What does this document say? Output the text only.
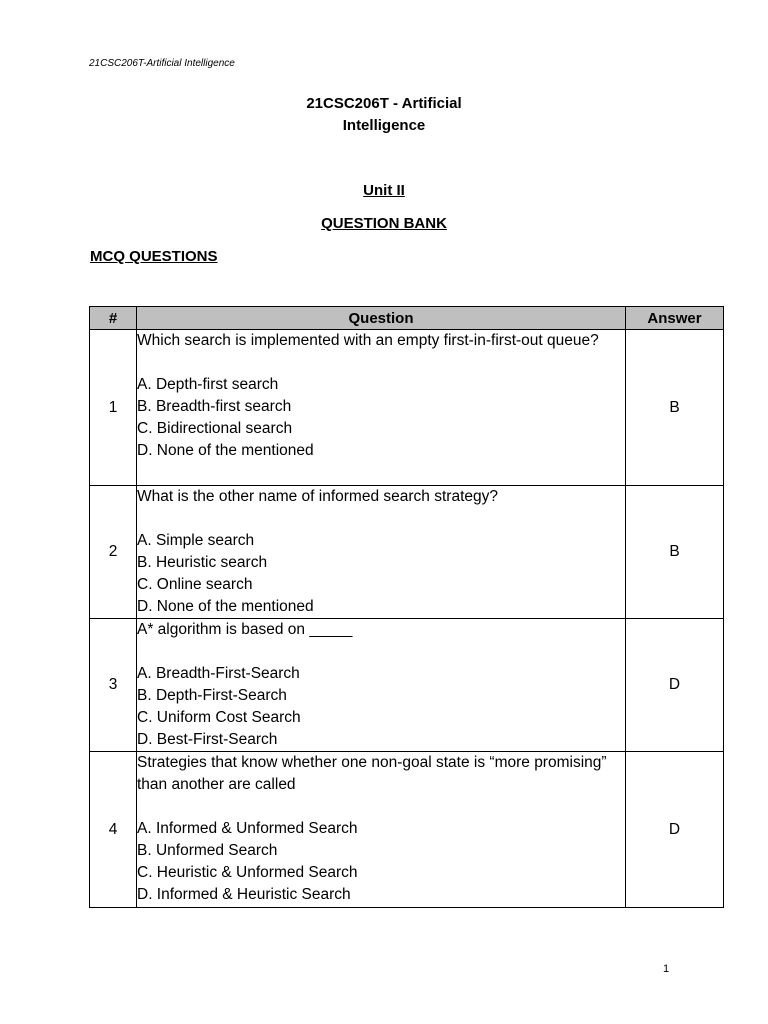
21CSC206T-Artificial Intelligence
21CSC206T - Artificial
Intelligence
Unit II
QUESTION BANK
MCQ QUESTIONS
#	Question	Answer
1	Which search is implemented with an empty first-in-first-out queue?
A. Depth-first search
B. Breadth-first search
C. Bidirectional search
D. None of the mentioned	B
2	What is the other name of informed search strategy?
A. Simple search
B. Heuristic search
C. Online search
D. None of the mentioned	B
3	A* algorithm is based on _____
A. Breadth-First-Search
B. Depth-First-Search
C. Uniform Cost Search
D. Best-First-Search	D
4	Strategies that know whether one non-goal state is “more promising” than another are called
A. Informed & Unformed Search
B. Unformed Search
C. Heuristic & Unformed Search
D. Informed & Heuristic Search	D
1
